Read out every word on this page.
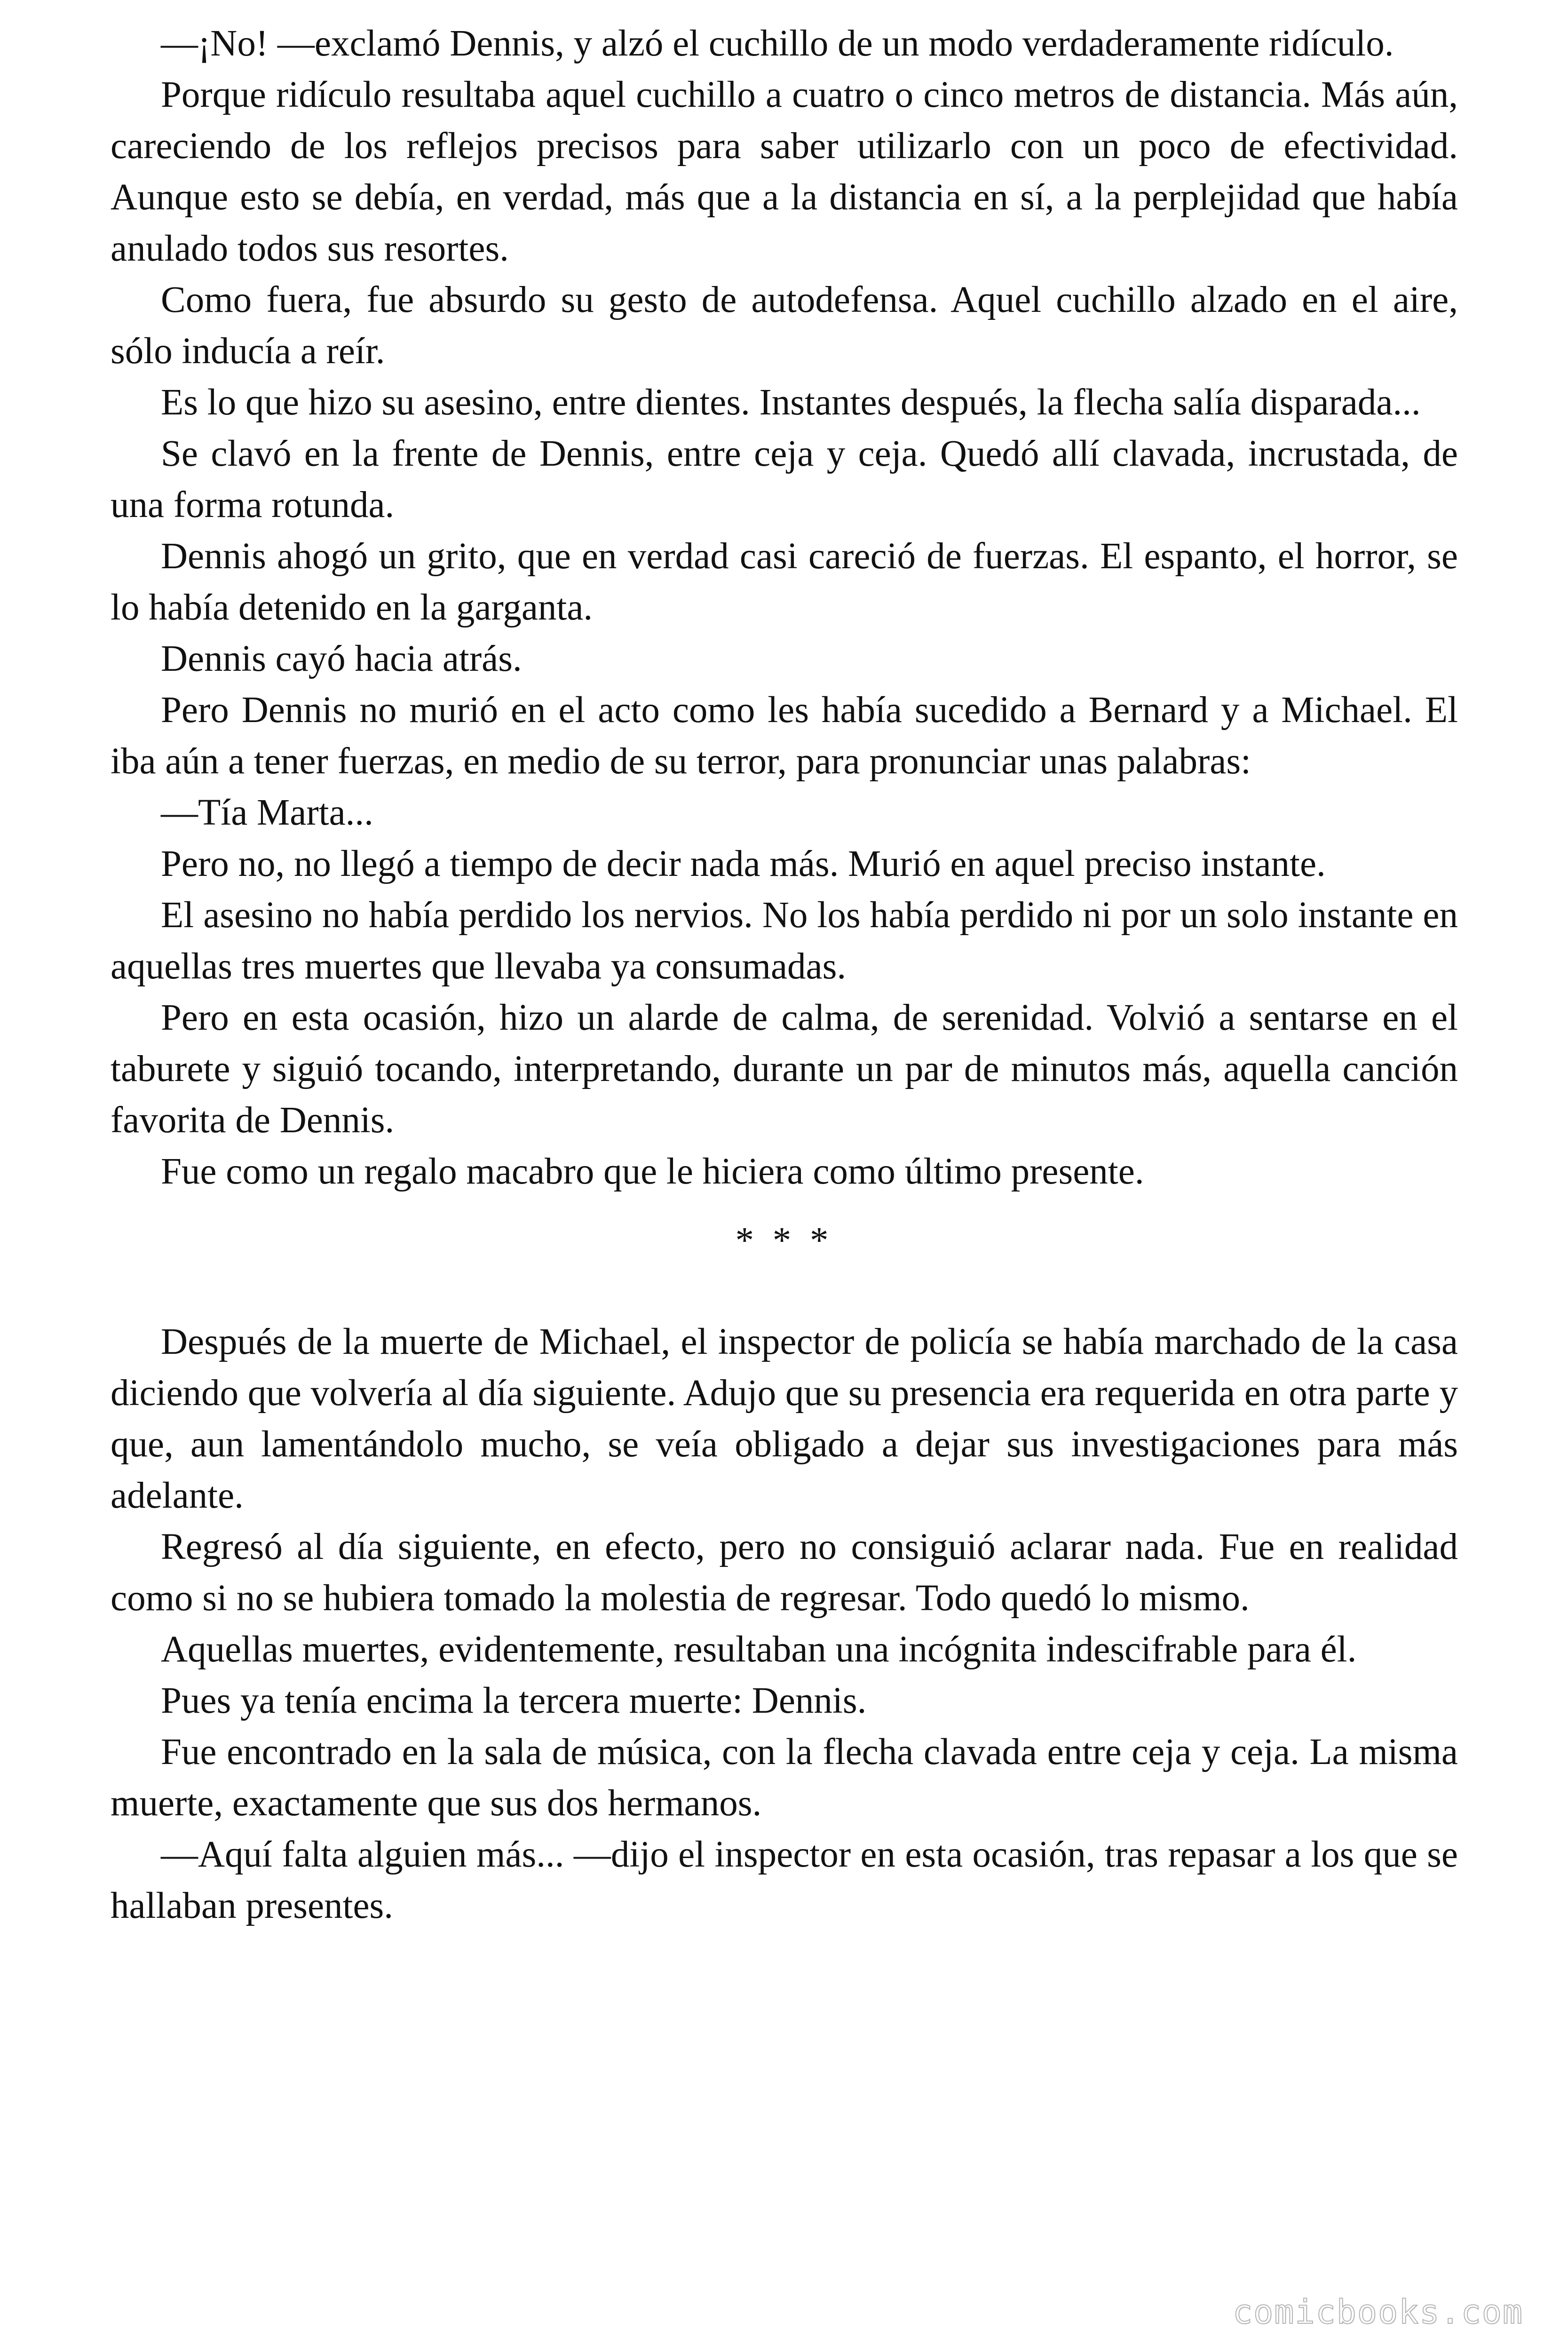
—¡No! —exclamó Dennis, y alzó el cuchillo de un modo verdaderamente ridículo.

Porque ridículo resultaba aquel cuchillo a cuatro o cinco metros de distancia. Más aún, careciendo de los reflejos precisos para saber utilizarlo con un poco de efectividad. Aunque esto se debía, en verdad, más que a la distancia en sí, a la perplejidad que había anulado todos sus resortes.

Como fuera, fue absurdo su gesto de autodefensa. Aquel cuchillo alzado en el aire, sólo inducía a reír.

Es lo que hizo su asesino, entre dientes. Instantes después, la flecha salía disparada...

Se clavó en la frente de Dennis, entre ceja y ceja. Quedó allí clavada, incrustada, de una forma rotunda.

Dennis ahogó un grito, que en verdad casi careció de fuerzas. El espanto, el horror, se lo había detenido en la garganta.

Dennis cayó hacia atrás.

Pero Dennis no murió en el acto como les había sucedido a Bernard y a Michael. El iba aún a tener fuerzas, en medio de su terror, para pronunciar unas palabras:

—Tía Marta...

Pero no, no llegó a tiempo de decir nada más. Murió en aquel preciso instante.

El asesino no había perdido los nervios. No los había perdido ni por un solo instante en aquellas tres muertes que llevaba ya consumadas.

Pero en esta ocasión, hizo un alarde de calma, de serenidad. Volvió a sentarse en el taburete y siguió tocando, interpretando, durante un par de minutos más, aquella canción favorita de Dennis.

Fue como un regalo macabro que le hiciera como último presente.

* * *

Después de la muerte de Michael, el inspector de policía se había marchado de la casa diciendo que volvería al día siguiente. Adujo que su presencia era requerida en otra parte y que, aun lamentándolo mucho, se veía obligado a dejar sus investigaciones para más adelante.

Regresó al día siguiente, en efecto, pero no consiguió aclarar nada. Fue en realidad como si no se hubiera tomado la molestia de regresar. Todo quedó lo mismo.

Aquellas muertes, evidentemente, resultaban una incógnita indescifrable para él.

Pues ya tenía encima la tercera muerte: Dennis.

Fue encontrado en la sala de música, con la flecha clavada entre ceja y ceja. La misma muerte, exactamente que sus dos hermanos.

—Aquí falta alguien más... —dijo el inspector en esta ocasión, tras repasar a los que se hallaban presentes.

comicbooks.com
